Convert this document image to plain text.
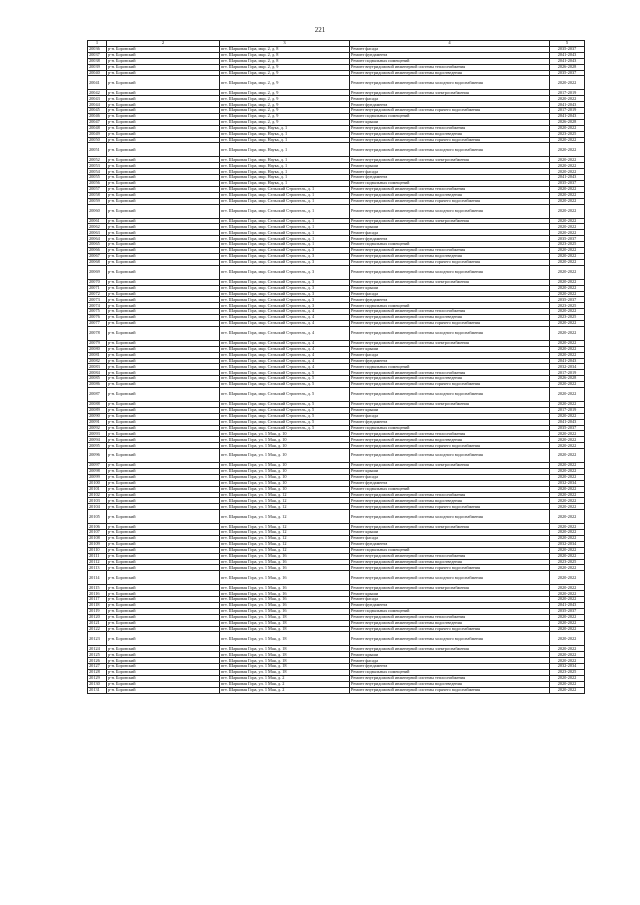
221
1	2	3	4	5
20036	р-н. Боровский	пгт. Шарковая Гора, мкр. 2, д. 8	Ремонт фасада	2035-2037
20037	р-н. Боровский	пгт. Шарковая Гора, мкр. 2, д. 8	Ремонт фундамента	2041-2043
20038	р-н. Боровский	пгт. Шарковая Гора, мкр. 2, д. 8	Ремонт подвальных помещений	2041-2043
20039	р-н. Боровский	пгт. Шарковая Гора, мкр. 2, д. 9	Ремонт внутридомовой инженерной системы теплоснабжения	2026-2028
20040	р-н. Боровский	пгт. Шарковая Гора, мкр. 2, д. 9	Ремонт внутридомовой инженерной системы водоотведения	2035-2037
20041	р-н. Боровский	пгт. Шарковая Гора, мкр. 2, д. 9	Ремонт внутридомовой инженерной системы холодного водоснабжения	2020-2022
20042	р-н. Боровский	пгт. Шарковая Гора, мкр. 2, д. 9	Ремонт внутридомовой инженерной системы электроснабжения	2017-2019
20043	р-н. Боровский	пгт. Шарковая Гора, мкр. 2, д. 9	Ремонт фасада	2020-2022
20044	р-н. Боровский	пгт. Шарковая Гора, мкр. 2, д. 9	Ремонт фундамента	2041-2043
20045	р-н. Боровский	пгт. Шарковая Гора, мкр. 2, д. 9	Ремонт внутридомовой инженерной системы горячего водоснабжения	2017-2019
20046	р-н. Боровский	пгт. Шарковая Гора, мкр. 2, д. 9	Ремонт подвальных помещений	2041-2043
20047	р-н. Боровский	пгт. Шарковая Гора, мкр. 2, д. 9	Ремонт крыши	2026-2028
20048	р-н. Боровский	пгт. Шарковая Гора, мкр. Наука, д. 1	Ремонт внутридомовой инженерной системы теплоснабжения	2020-2022
20049	р-н. Боровский	пгт. Шарковая Гора, мкр. Наука, д. 1	Ремонт внутридомовой инженерной системы водоотведения	2023-2025
20050	р-н. Боровский	пгт. Шарковая Гора, мкр. Наука, д. 1	Ремонт внутридомовой инженерной системы горячего водоснабжения	2020-2022
20051	р-н. Боровский	пгт. Шарковая Гора, мкр. Наука, д. 1	Ремонт внутридомовой инженерной системы холодного водоснабжения	2020-2022
20052	р-н. Боровский	пгт. Шарковая Гора, мкр. Наука, д. 1	Ремонт внутридомовой инженерной системы электроснабжения	2020-2022
20053	р-н. Боровский	пгт. Шарковая Гора, мкр. Наука, д. 1	Ремонт крыши	2020-2022
20054	р-н. Боровский	пгт. Шарковая Гора, мкр. Наука, д. 1	Ремонт фасада	2020-2022
20055	р-н. Боровский	пгт. Шарковая Гора, мкр. Наука, д. 1	Ремонт фундамента	2041-2043
20056	р-н. Боровский	пгт. Шарковая Гора, мкр. Наука, д. 1	Ремонт подвальных помещений	2035-2037
20057	р-н. Боровский	пгт. Шарковая Гора, мкр. Сельский Строитель, д. 1	Ремонт внутридомовой инженерной системы теплоснабжения	2020-2022
20058	р-н. Боровский	пгт. Шарковая Гора, мкр. Сельский Строитель, д. 1	Ремонт внутридомовой инженерной системы водоотведения	2020-2022
20059	р-н. Боровский	пгт. Шарковая Гора, мкр. Сельский Строитель, д. 1	Ремонт внутридомовой инженерной системы горячего водоснабжения	2020-2022
20060	р-н. Боровский	пгт. Шарковая Гора, мкр. Сельский Строитель, д. 1	Ремонт внутридомовой инженерной системы холодного водоснабжения	2020-2022
20061	р-н. Боровский	пгт. Шарковая Гора, мкр. Сельский Строитель, д. 1	Ремонт внутридомовой инженерной системы электроснабжения	2020-2022
20062	р-н. Боровский	пгт. Шарковая Гора, мкр. Сельский Строитель, д. 1	Ремонт крыши	2020-2022
20063	р-н. Боровский	пгт. Шарковая Гора, мкр. Сельский Строитель, д. 1	Ремонт фасада	2020-2022
20064	р-н. Боровский	пгт. Шарковая Гора, мкр. Сельский Строитель, д. 1	Ремонт фундамента	2035-2037
20065	р-н. Боровский	пгт. Шарковая Гора, мкр. Сельский Строитель, д. 1	Ремонт подвальных помещений	2023-2025
20066	р-н. Боровский	пгт. Шарковая Гора, мкр. Сельский Строитель, д. 3	Ремонт внутридомовой инженерной системы теплоснабжения	2020-2022
20067	р-н. Боровский	пгт. Шарковая Гора, мкр. Сельский Строитель, д. 3	Ремонт внутридомовой инженерной системы водоотведения	2020-2022
20068	р-н. Боровский	пгт. Шарковая Гора, мкр. Сельский Строитель, д. 3	Ремонт внутридомовой инженерной системы горячего водоснабжения	2020-2022
20069	р-н. Боровский	пгт. Шарковая Гора, мкр. Сельский Строитель, д. 3	Ремонт внутридомовой инженерной системы холодного водоснабжения	2020-2022
20070	р-н. Боровский	пгт. Шарковая Гора, мкр. Сельский Строитель, д. 3	Ремонт внутридомовой инженерной системы электроснабжения	2020-2022
20071	р-н. Боровский	пгт. Шарковая Гора, мкр. Сельский Строитель, д. 3	Ремонт крыши	2020-2022
20072	р-н. Боровский	пгт. Шарковая Гора, мкр. Сельский Строитель, д. 3	Ремонт фасада	2020-2022
20073	р-н. Боровский	пгт. Шарковая Гора, мкр. Сельский Строитель, д. 3	Ремонт фундамента	2035-2037
20074	р-н. Боровский	пгт. Шарковая Гора, мкр. Сельский Строитель, д. 3	Ремонт подвальных помещений	2023-2025
20075	р-н. Боровский	пгт. Шарковая Гора, мкр. Сельский Строитель, д. 4	Ремонт внутридомовой инженерной системы теплоснабжения	2020-2022
20076	р-н. Боровский	пгт. Шарковая Гора, мкр. Сельский Строитель, д. 4	Ремонт внутридомовой инженерной системы водоотведения	2023-2025
20077	р-н. Боровский	пгт. Шарковая Гора, мкр. Сельский Строитель, д. 4	Ремонт внутридомовой инженерной системы горячего водоснабжения	2020-2022
20078	р-н. Боровский	пгт. Шарковая Гора, мкр. Сельский Строитель, д. 4	Ремонт внутридомовой инженерной системы холодного водоснабжения	2020-2022
20079	р-н. Боровский	пгт. Шарковая Гора, мкр. Сельский Строитель, д. 4	Ремонт внутридомовой инженерной системы электроснабжения	2020-2022
20080	р-н. Боровский	пгт. Шарковая Гора, мкр. Сельский Строитель, д. 4	Ремонт крыши	2020-2022
20081	р-н. Боровский	пгт. Шарковая Гора, мкр. Сельский Строитель, д. 4	Ремонт фасада	2020-2022
20082	р-н. Боровский	пгт. Шарковая Гора, мкр. Сельский Строитель, д. 4	Ремонт фундамента	2041-2043
20083	р-н. Боровский	пгт. Шарковая Гора, мкр. Сельский Строитель, д. 4	Ремонт подвальных помещений	2032-2034
20084	р-н. Боровский	пгт. Шарковая Гора, мкр. Сельский Строитель, д. 5	Ремонт внутридомовой инженерной системы теплоснабжения	2017-2019
20085	р-н. Боровский	пгт. Шарковая Гора, мкр. Сельский Строитель, д. 5	Ремонт внутридомовой инженерной системы водоотведения	2026-2028
20086	р-н. Боровский	пгт. Шарковая Гора, мкр. Сельский Строитель, д. 5	Ремонт внутридомовой инженерной системы горячего водоснабжения	2020-2022
20087	р-н. Боровский	пгт. Шарковая Гора, мкр. Сельский Строитель, д. 5	Ремонт внутридомовой инженерной системы холодного водоснабжения	2020-2022
20088	р-н. Боровский	пгт. Шарковая Гора, мкр. Сельский Строитель, д. 5	Ремонт внутридомовой инженерной системы электроснабжения	2020-2022
20089	р-н. Боровский	пгт. Шарковая Гора, мкр. Сельский Строитель, д. 5	Ремонт крыши	2017-2019
20090	р-н. Боровский	пгт. Шарковая Гора, мкр. Сельский Строитель, д. 5	Ремонт фасада	2020-2022
20091	р-н. Боровский	пгт. Шарковая Гора, мкр. Сельский Строитель, д. 5	Ремонт фундамента	2041-2043
20092	р-н. Боровский	пгт. Шарковая Гора, мкр. Сельский Строитель, д. 5	Ремонт подвальных помещений	2035-2037
20093	р-н. Боровский	пгт. Шарковая Гора, ул. 1 Мая, д. 10	Ремонт внутридомовой инженерной системы теплоснабжения	2020-2022
20094	р-н. Боровский	пгт. Шарковая Гора, ул. 1 Мая, д. 10	Ремонт внутридомовой инженерной системы водоотведения	2020-2022
20095	р-н. Боровский	пгт. Шарковая Гора, ул. 1 Мая, д. 10	Ремонт внутридомовой инженерной системы горячего водоснабжения	2020-2022
20096	р-н. Боровский	пгт. Шарковая Гора, ул. 1 Мая, д. 10	Ремонт внутридомовой инженерной системы холодного водоснабжения	2020-2022
20097	р-н. Боровский	пгт. Шарковая Гора, ул. 1 Мая, д. 10	Ремонт внутридомовой инженерной системы электроснабжения	2020-2022
20098	р-н. Боровский	пгт. Шарковая Гора, ул. 1 Мая, д. 10	Ремонт крыши	2020-2022
20099	р-н. Боровский	пгт. Шарковая Гора, ул. 1 Мая, д. 10	Ремонт фасада	2020-2022
20100	р-н. Боровский	пгт. Шарковая Гора, ул. 1 Мая, д. 10	Ремонт фундамента	2032-2034
20101	р-н. Боровский	пгт. Шарковая Гора, ул. 1 Мая, д. 10	Ремонт подвальных помещений	2020-2022
20102	р-н. Боровский	пгт. Шарковая Гора, ул. 1 Мая, д. 12	Ремонт внутридомовой инженерной системы теплоснабжения	2020-2022
20103	р-н. Боровский	пгт. Шарковая Гора, ул. 1 Мая, д. 12	Ремонт внутридомовой инженерной системы водоотведения	2020-2022
20104	р-н. Боровский	пгт. Шарковая Гора, ул. 1 Мая, д. 12	Ремонт внутридомовой инженерной системы горячего водоснабжения	2020-2022
20105	р-н. Боровский	пгт. Шарковая Гора, ул. 1 Мая, д. 12	Ремонт внутридомовой инженерной системы холодного водоснабжения	2020-2022
20106	р-н. Боровский	пгт. Шарковая Гора, ул. 1 Мая, д. 12	Ремонт внутридомовой инженерной системы электроснабжения	2020-2022
20107	р-н. Боровский	пгт. Шарковая Гора, ул. 1 Мая, д. 12	Ремонт крыши	2020-2022
20108	р-н. Боровский	пгт. Шарковая Гора, ул. 1 Мая, д. 12	Ремонт фасада	2020-2022
20109	р-н. Боровский	пгт. Шарковая Гора, ул. 1 Мая, д. 12	Ремонт фундамента	2032-2034
20110	р-н. Боровский	пгт. Шарковая Гора, ул. 1 Мая, д. 12	Ремонт подвальных помещений	2020-2022
20111	р-н. Боровский	пгт. Шарковая Гора, ул. 1 Мая, д. 16	Ремонт внутридомовой инженерной системы теплоснабжения	2020-2022
20112	р-н. Боровский	пгт. Шарковая Гора, ул. 1 Мая, д. 16	Ремонт внутридомовой инженерной системы водоотведения	2023-2025
20113	р-н. Боровский	пгт. Шарковая Гора, ул. 1 Мая, д. 16	Ремонт внутридомовой инженерной системы горячего водоснабжения	2020-2022
20114	р-н. Боровский	пгт. Шарковая Гора, ул. 1 Мая, д. 16	Ремонт внутридомовой инженерной системы холодного водоснабжения	2020-2022
20115	р-н. Боровский	пгт. Шарковая Гора, ул. 1 Мая, д. 16	Ремонт внутридомовой инженерной системы электроснабжения	2020-2022
20116	р-н. Боровский	пгт. Шарковая Гора, ул. 1 Мая, д. 16	Ремонт крыши	2020-2022
20117	р-н. Боровский	пгт. Шарковая Гора, ул. 1 Мая, д. 16	Ремонт фасада	2020-2022
20118	р-н. Боровский	пгт. Шарковая Гора, ул. 1 Мая, д. 16	Ремонт фундамента	2041-2043
20119	р-н. Боровский	пгт. Шарковая Гора, ул. 1 Мая, д. 16	Ремонт подвальных помещений	2035-2037
20120	р-н. Боровский	пгт. Шарковая Гора, ул. 1 Мая, д. 18	Ремонт внутридомовой инженерной системы теплоснабжения	2020-2022
20121	р-н. Боровский	пгт. Шарковая Гора, ул. 1 Мая, д. 18	Ремонт внутридомовой инженерной системы водоотведения	2020-2022
20122	р-н. Боровский	пгт. Шарковая Гора, ул. 1 Мая, д. 18	Ремонт внутридомовой инженерной системы горячего водоснабжения	2020-2022
20123	р-н. Боровский	пгт. Шарковая Гора, ул. 1 Мая, д. 18	Ремонт внутридомовой инженерной системы холодного водоснабжения	2020-2022
20124	р-н. Боровский	пгт. Шарковая Гора, ул. 1 Мая, д. 18	Ремонт внутридомовой инженерной системы электроснабжения	2020-2022
20125	р-н. Боровский	пгт. Шарковая Гора, ул. 1 Мая, д. 18	Ремонт крыши	2020-2022
20126	р-н. Боровский	пгт. Шарковая Гора, ул. 1 Мая, д. 18	Ремонт фасада	2020-2022
20127	р-н. Боровский	пгт. Шарковая Гора, ул. 1 Мая, д. 18	Ремонт фундамента	2032-2034
20128	р-н. Боровский	пгт. Шарковая Гора, ул. 1 Мая, д. 18	Ремонт подвальных помещений	2023-2025
20129	р-н. Боровский	пгт. Шарковая Гора, ул. 1 Мая, д. 2	Ремонт внутридомовой инженерной системы теплоснабжения	2020-2022
20130	р-н. Боровский	пгт. Шарковая Гора, ул. 1 Мая, д. 2	Ремонт внутридомовой инженерной системы водоотведения	2020-2022
20131	р-н. Боровский	пгт. Шарковая Гора, ул. 1 Мая, д. 2	Ремонт внутридомовой инженерной системы горячего водоснабжения	2020-2022
